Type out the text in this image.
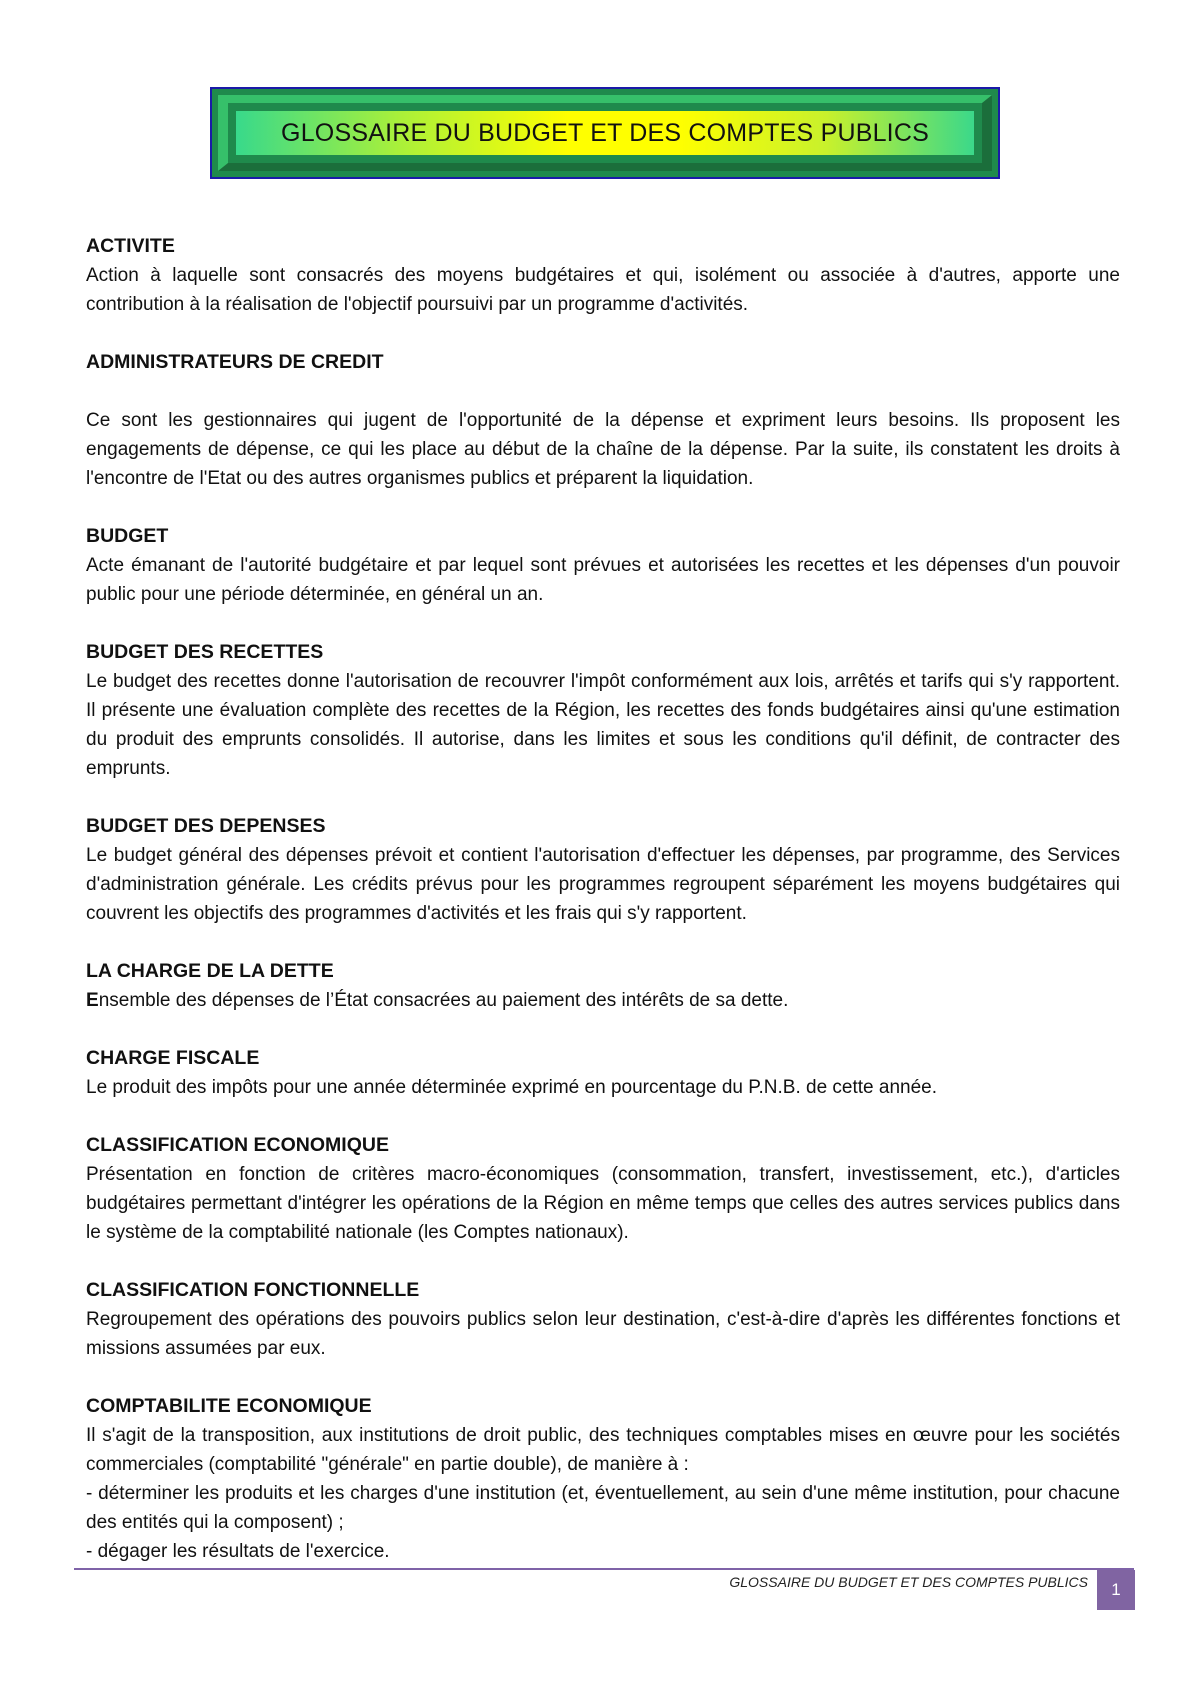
GLOSSAIRE DU BUDGET ET DES COMPTES PUBLICS

ACTIVITE

Action à laquelle sont consacrés des moyens budgétaires et qui, isolément ou associée à d'autres, apporte une contribution à la réalisation de l'objectif poursuivi par un programme d'activités.

ADMINISTRATEURS DE CREDIT

Ce sont les gestionnaires qui jugent de l'opportunité de la dépense et expriment leurs besoins. Ils proposent les engagements de dépense, ce qui les place au début de la chaîne de la dépense. Par la suite, ils constatent les droits à l'encontre de l'Etat ou des autres organismes publics et préparent la liquidation.

BUDGET

Acte émanant de l'autorité budgétaire et par lequel sont prévues et autorisées les recettes et les dépenses d'un pouvoir public pour une période déterminée, en général un an.

BUDGET DES RECETTES

Le budget des recettes donne l'autorisation de recouvrer l'impôt conformément aux lois, arrêtés et tarifs qui s'y rapportent. Il présente une évaluation complète des recettes de la Région, les recettes des fonds budgétaires ainsi qu'une estimation du produit des emprunts consolidés. Il autorise, dans les limites et sous les conditions qu'il définit, de contracter des emprunts.

BUDGET DES DEPENSES

Le budget général des dépenses prévoit et contient l'autorisation d'effectuer les dépenses, par programme, des Services d'administration générale. Les crédits prévus pour les programmes regroupent séparément les moyens budgétaires qui couvrent les objectifs des programmes d'activités et les frais qui s'y rapportent.

LA CHARGE DE LA DETTE

Ensemble des dépenses de l’État consacrées au paiement des intérêts de sa dette.

CHARGE FISCALE

Le produit des impôts pour une année déterminée exprimé en pourcentage du P.N.B. de cette année.

CLASSIFICATION ECONOMIQUE

Présentation en fonction de critères macro-économiques (consommation, transfert, investissement, etc.), d'articles budgétaires permettant d'intégrer les opérations de la Région en même temps que celles des autres services publics dans le système de la comptabilité nationale (les Comptes nationaux).

CLASSIFICATION FONCTIONNELLE

Regroupement des opérations des pouvoirs publics selon leur destination, c'est-à-dire d'après les différentes fonctions et missions assumées par eux.

COMPTABILITE ECONOMIQUE

Il s'agit de la transposition, aux institutions de droit public, des techniques comptables mises en œuvre pour les sociétés commerciales (comptabilité "générale" en partie double), de manière à :
- déterminer les produits et les charges d'une institution (et, éventuellement, au sein d'une même institution, pour chacune des entités qui la composent) ;
- dégager les résultats de l'exercice.

GLOSSAIRE DU BUDGET ET DES COMPTES PUBLICS	1
